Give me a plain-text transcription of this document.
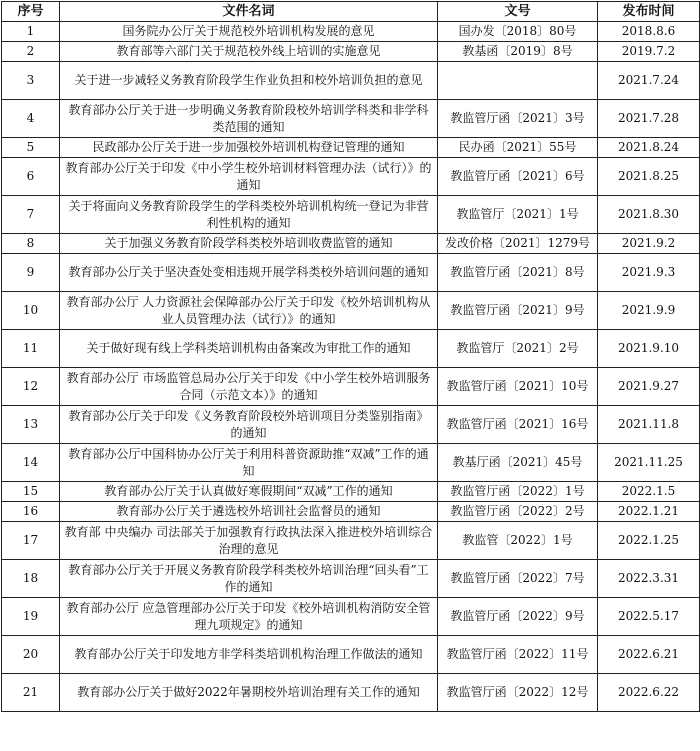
序号	文件名词	文号	发布时间
1	国务院办公厅关于规范校外培训机构发展的意见	国办发〔2018〕80号	2018.8.6
2	教育部等六部门关于规范校外线上培训的实施意见	教基函〔2019〕8号	2019.7.2
3	关于进一步减轻义务教育阶段学生作业负担和校外培训负担的意见		2021.7.24
4	教育部办公厅关于进一步明确义务教育阶段校外培训学科类和非学科类范围的通知	教监管厅函〔2021〕3号	2021.7.28
5	民政部办公厅关于进一步加强校外培训机构登记管理的通知	民办函〔2021〕55号	2021.8.24
6	教育部办公厅关于印发《中小学生校外培训材料管理办法（试行）》的通知	教监管厅函〔2021〕6号	2021.8.25
7	关于将面向义务教育阶段学生的学科类校外培训机构统一登记为非营利性机构的通知	教监管厅〔2021〕1号	2021.8.30
8	关于加强义务教育阶段学科类校外培训收费监管的通知	发改价格〔2021〕1279号	2021.9.2
9	教育部办公厅关于坚决查处变相违规开展学科类校外培训问题的通知	教监管厅函〔2021〕8号	2021.9.3
10	教育部办公厅 人力资源社会保障部办公厅关于印发《校外培训机构从业人员管理办法（试行）》的通知	教监管厅函〔2021〕9号	2021.9.9
11	关于做好现有线上学科类培训机构由备案改为审批工作的通知	教监管厅〔2021〕2号	2021.9.10
12	教育部办公厅 市场监管总局办公厅关于印发《中小学生校外培训服务合同（示范文本）》的通知	教监管厅函〔2021〕10号	2021.9.27
13	教育部办公厅关于印发《义务教育阶段校外培训项目分类鉴别指南》的通知	教监管厅函〔2021〕16号	2021.11.8
14	教育部办公厅中国科协办公厅关于利用科普资源助推“双减”工作的通知	教基厅函〔2021〕45号	2021.11.25
15	教育部办公厅关于认真做好寒假期间“双减”工作的通知	教监管厅函〔2022〕1号	2022.1.5
16	教育部办公厅关于遴选校外培训社会监督员的通知	教监管厅函〔2022〕2号	2022.1.21
17	教育部 中央编办 司法部关于加强教育行政执法深入推进校外培训综合治理的意见	教监管〔2022〕1号	2022.1.25
18	教育部办公厅关于开展义务教育阶段学科类校外培训治理“回头看”工作的通知	教监管厅函〔2022〕7号	2022.3.31
19	教育部办公厅 应急管理部办公厅关于印发《校外培训机构消防安全管理九项规定》的通知	教监管厅函〔2022〕9号	2022.5.17
20	教育部办公厅关于印发地方非学科类培训机构治理工作做法的通知	教监管厅函〔2022〕11号	2022.6.21
21	教育部办公厅关于做好2022年暑期校外培训治理有关工作的通知	教监管厅函〔2022〕12号	2022.6.22
